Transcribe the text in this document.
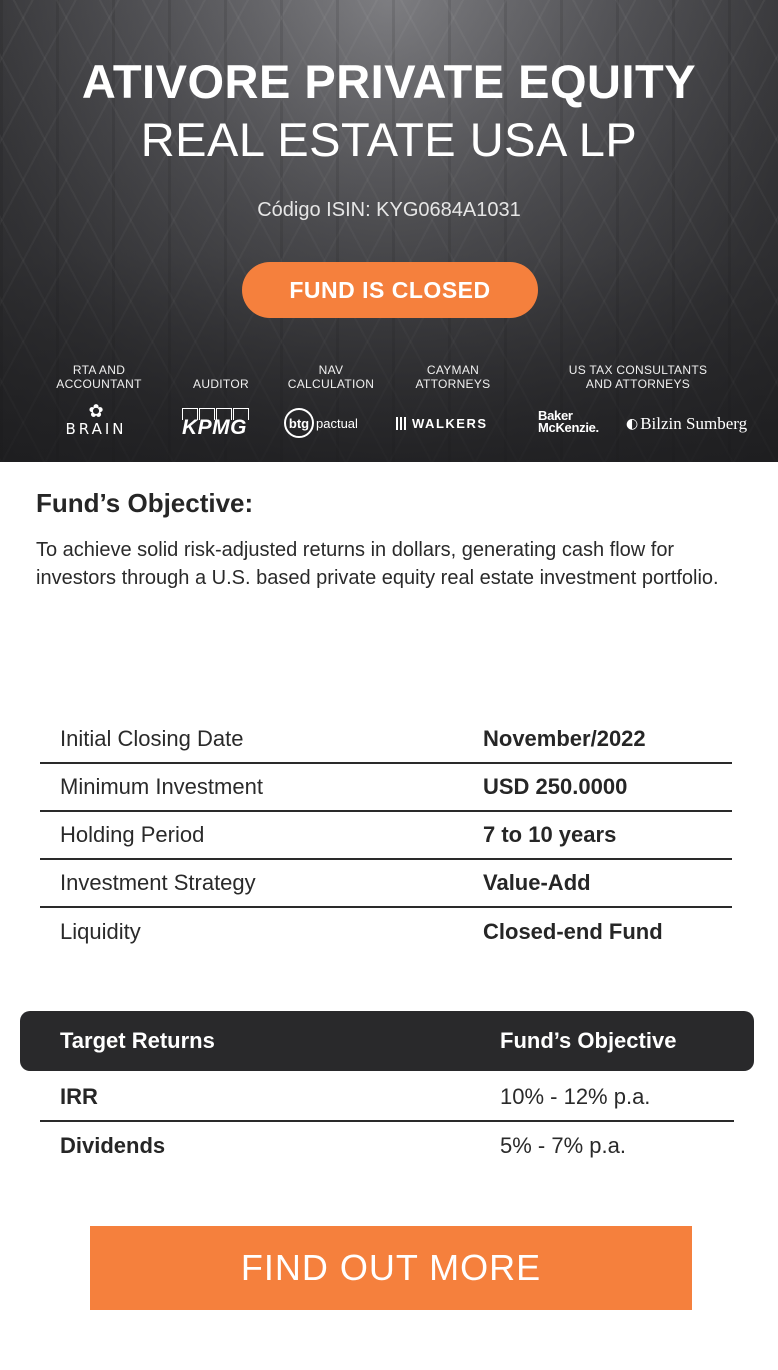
ATIVORE PRIVATE EQUITY
REAL ESTATE USA LP
Código ISIN: KYG0684A1031
FUND IS CLOSED
RTA AND
ACCOUNTANT	AUDITOR
NAV
CALCULATION
CAYMAN
ATTORNEYS
US TAX CONSULTANTS
AND ATTORNEYS
✿
BRAIN	KPMG	btg pactual	WALKERS	Baker
McKenzie. ◐ Bilzin Sumberg
Fund’s Objective:

To achieve solid risk-adjusted returns in dollars, generating cash flow for investors through a U.S. based private equity real estate investment portfolio.

Initial Closing Date	November/2022
Minimum Investment	USD 250.0000
Holding Period	7 to 10 years
Investment Strategy	Value-Add
Liquidity	Closed-end Fund
Target Returns	Fund’s Objective
IRR	10% - 12% p.a.
Dividends	5% - 7% p.a.
FIND OUT MORE
